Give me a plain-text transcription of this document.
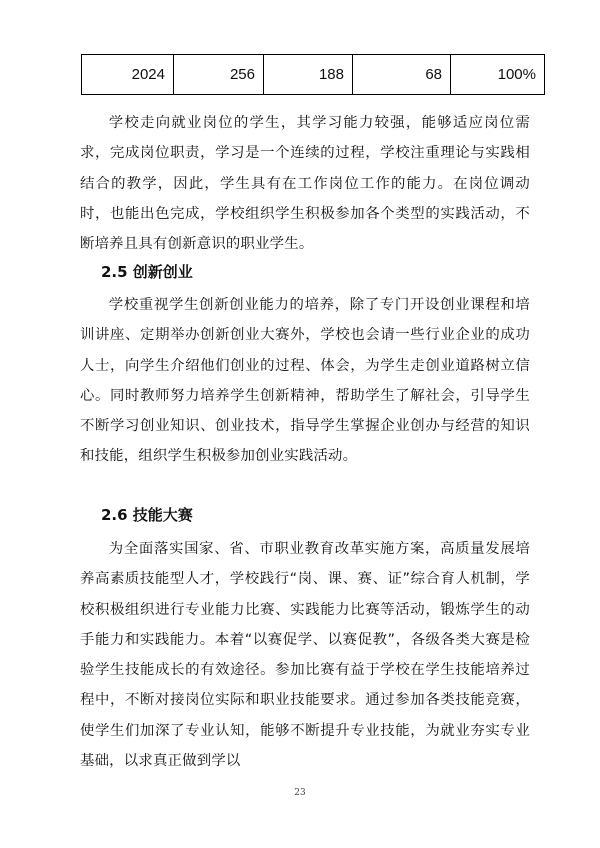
2024	256	188	68	100%

学校走向就业岗位的学生，其学习能力较强，能够适应岗位需求，完成岗位职责，学习是一个连续的过程，学校注重理论与实践相结合的教学，因此，学生具有在工作岗位工作的能力。在岗位调动时，也能出色完成，学校组织学生积极参加各个类型的实践活动，不断培养且具有创新意识的职业学生。

2.5 创新创业

学校重视学生创新创业能力的培养，除了专门开设创业课程和培训讲座、定期举办创新创业大赛外，学校也会请一些行业企业的成功人士，向学生介绍他们创业的过程、体会，为学生走创业道路树立信心。同时教师努力培养学生创新精神，帮助学生了解社会，引导学生不断学习创业知识、创业技术，指导学生掌握企业创办与经营的知识和技能，组织学生积极参加创业实践活动。

2.6 技能大赛

为全面落实国家、省、市职业教育改革实施方案，高质量发展培养高素质技能型人才，学校践行“岗、课、赛、证”综合育人机制，学校积极组织进行专业能力比赛、实践能力比赛等活动，锻炼学生的动手能力和实践能力。本着“以赛促学、以赛促教”，各级各类大赛是检验学生技能成长的有效途径。参加比赛有益于学校在学生技能培养过程中，不断对接岗位实际和职业技能要求。通过参加各类技能竞赛，使学生们加深了专业认知，能够不断提升专业技能，为就业夯实专业基础，以求真正做到学以

23
